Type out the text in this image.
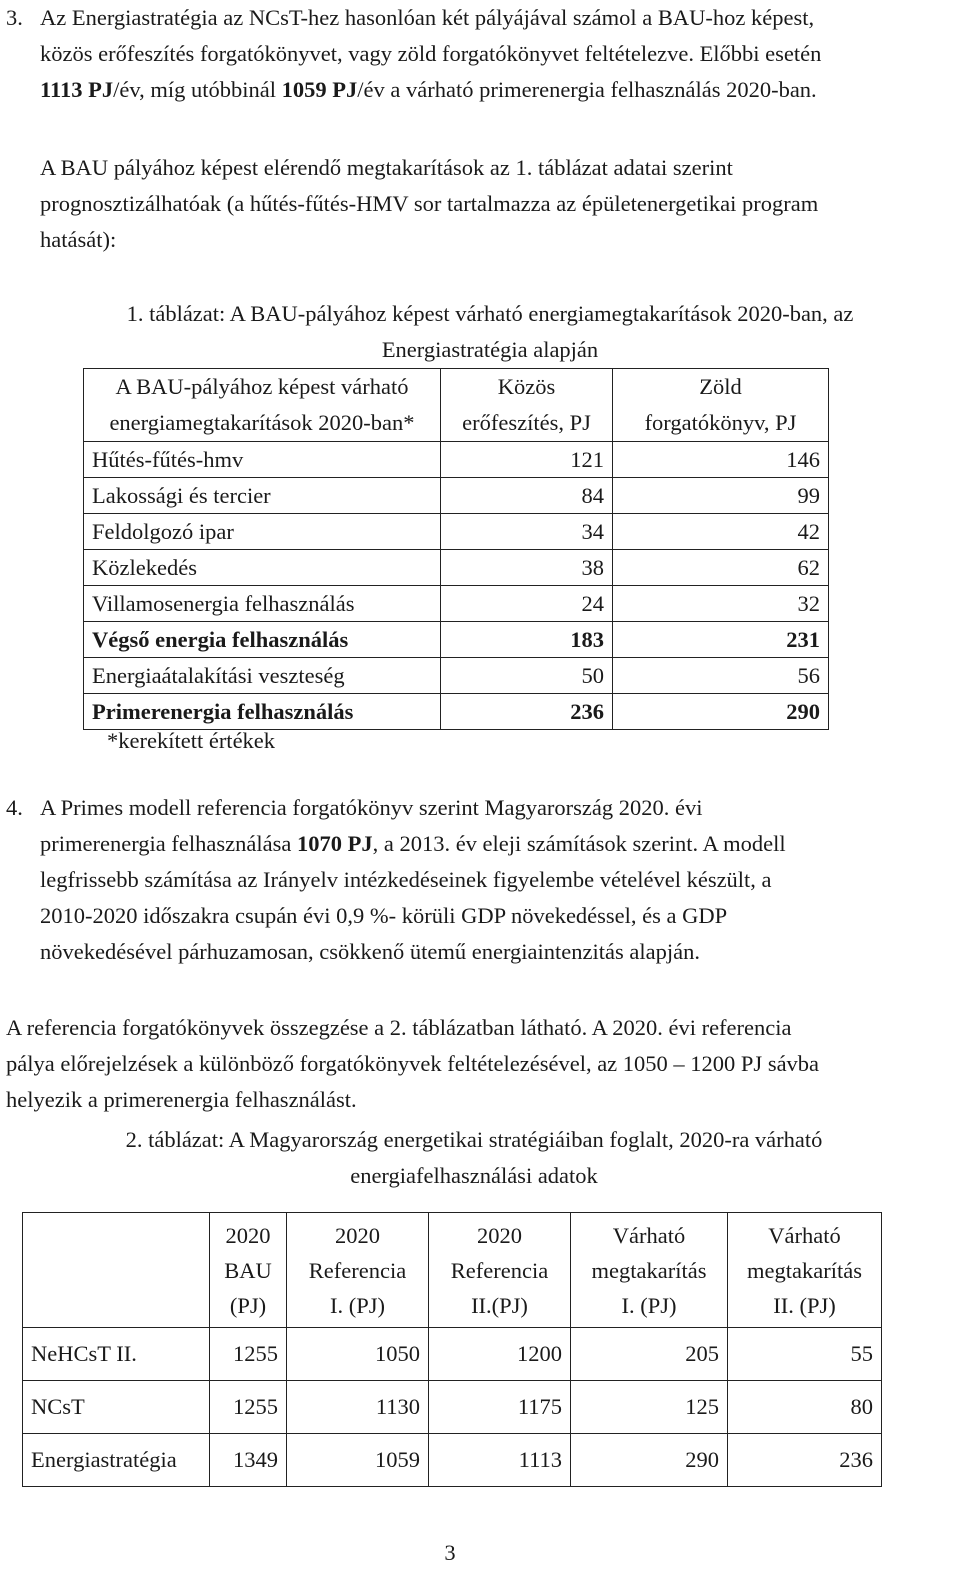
3. Az Energiastratégia az NCsT-hez hasonlóan két pályájával számol a BAU-hoz képest,
közös erőfeszítés forgatókönyvet, vagy zöld forgatókönyvet feltételezve. Előbbi esetén
1113 PJ/év, míg utóbbinál 1059 PJ/év a várható primerenergia felhasználás 2020-ban.
A BAU pályához képest elérendő megtakarítások az 1. táblázat adatai szerint
prognosztizálhatóak (a hűtés-fűtés-HMV sor tartalmazza az épületenergetikai program
hatását):

1. táblázat: A BAU-pályához képest várható energiamegtakarítások 2020-ban, az
Energiastratégia alapján

A BAU-pályához képest várható
energiamegtakarítások 2020-ban*	Közös
erőfeszítés, PJ	Zöld
forgatókönyv, PJ

Hűtés-fűtés-hmv	121	146
Lakossági és tercier	84	99
Feldolgozó ipar	34	42
Közlekedés	38	62
Villamosenergia felhasználás	24	32
Végső energia felhasználás	183	231
Energiaátalakítási veszteség	50	56
Primerenergia felhasználás	236	290
*kerekített értékek
4. A Primes modell referencia forgatókönyv szerint Magyarország 2020. évi
primerenergia felhasználása 1070 PJ, a 2013. év eleji számítások szerint. A modell
legfrissebb számítása az Irányelv intézkedéseinek figyelembe vételével készült, a
2010-2020 időszakra csupán évi 0,9 %- körüli GDP növekedéssel, és a GDP
növekedésével párhuzamosan, csökkenő ütemű energiaintenzitás alapján.
A referencia forgatókönyvek összegzése a 2. táblázatban látható. A 2020. évi referencia
pálya előrejelzések a különböző forgatókönyvek feltételezésével, az 1050 – 1200 PJ sávba
helyezik a primerenergia felhasználást.

2. táblázat: A Magyarország energetikai stratégiáiban foglalt, 2020-ra várható
energiafelhasználási adatok

	2020
BAU
(PJ)	2020
Referencia
I. (PJ)	2020
Referencia
II.(PJ)	Várható
megtakarítás
I. (PJ)	Várható
megtakarítás
II. (PJ)

NeHCsT II.	1255	1050	1200	205	55
NCsT	1255	1130	1175	125	80
Energiastratégia	1349	1059	1113	290	236
3
